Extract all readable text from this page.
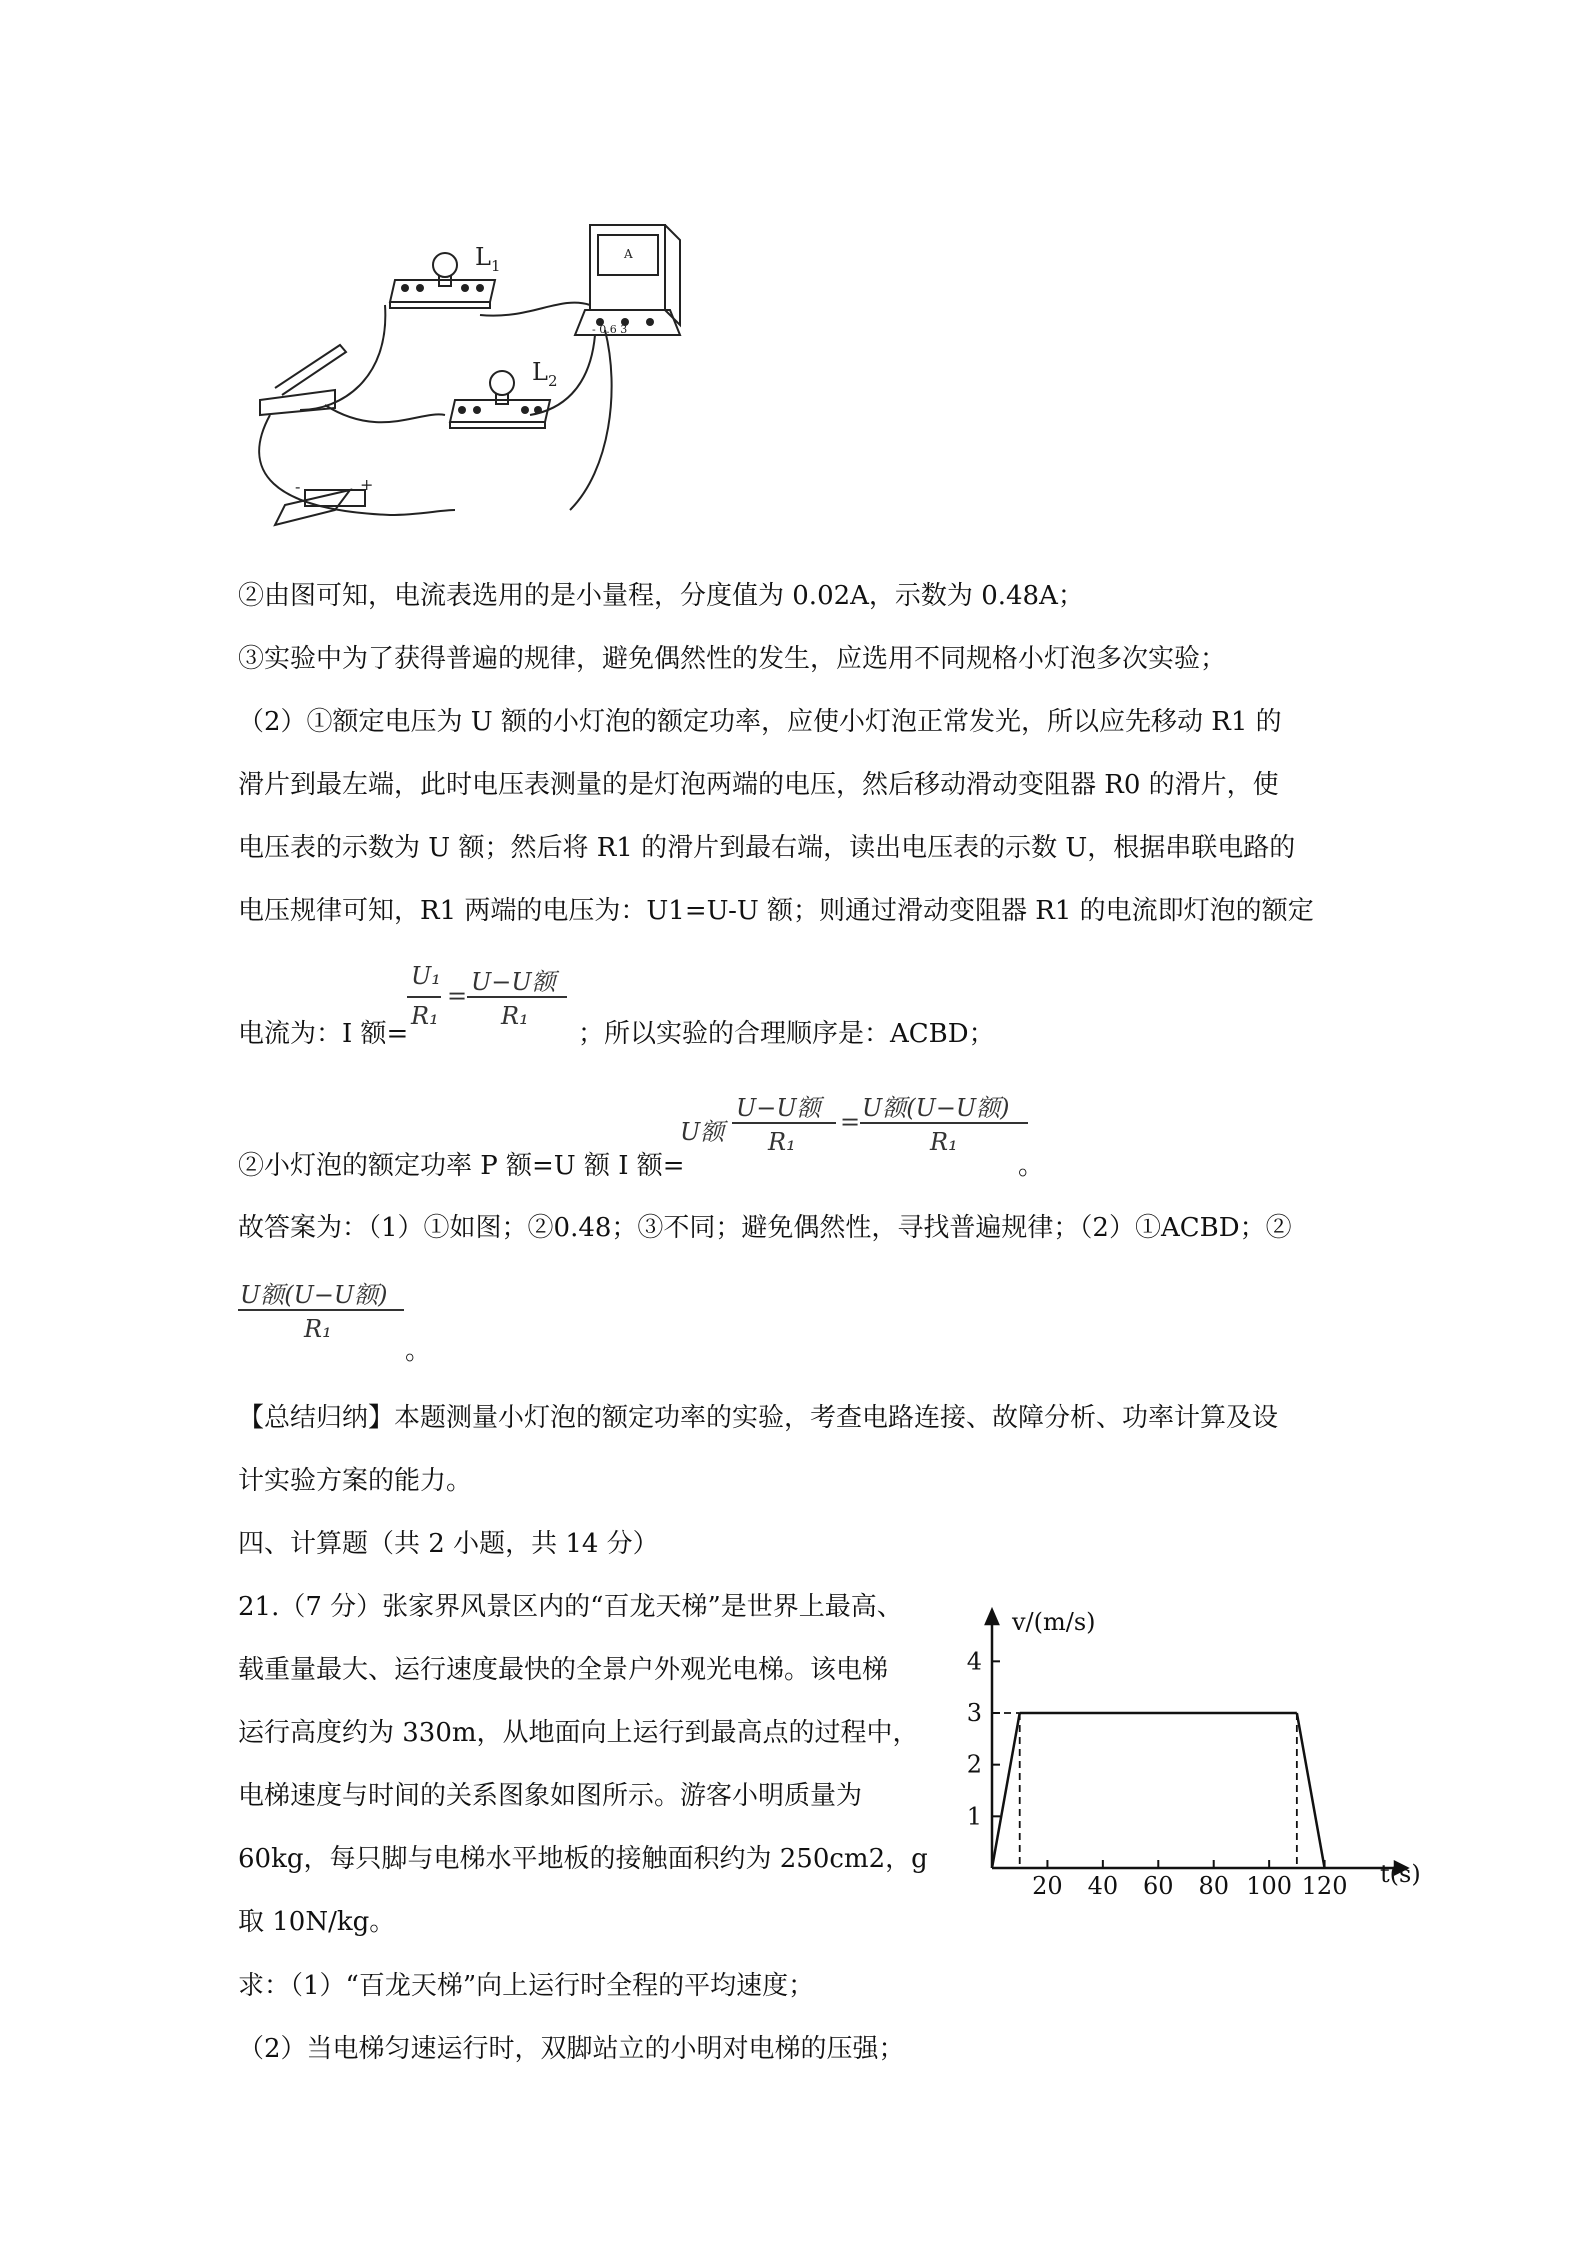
$L_1$
$L_2$
A
- 0.6 3
-	+
②由图可知，电流表选用的是小量程，分度值为 0.02A，示数为 0.48A；
③实验中为了获得普遍的规律，避免偶然性的发生，应选用不同规格小灯泡多次实验；
（2）①额定电压为 U 额的小灯泡的额定功率，应使小灯泡正常发光，所以应先移动 R1 的
滑片到最左端，此时电压表测量的是灯泡两端的电压，然后移动滑动变阻器 R0 的滑片，使
电压表的示数为 U 额；然后将 R1 的滑片到最右端，读出电压表的示数 U，根据串联电路的
电压规律可知，R1 两端的电压为：U1=U-U 额；则通过滑动变阻器 R1 的电流即灯泡的额定
电流为：I 额=
U₁
R₁
= U−U额
R₁
；所以实验的合理顺序是：ACBD；
②小灯泡的额定功率 P 额=U 额 I 额=
U额
U−U额
R₁
= U额(U−U额)
R₁
。
故答案为：（1）①如图；②0.48；③不同；避免偶然性，寻找普遍规律；（2）①ACBD；②
U额(U−U额)
R₁
。
【总结归纳】本题测量小灯泡的额定功率的实验，考查电路连接、故障分析、功率计算及设
计实验方案的能力。
四、计算题（共 2 小题，共 14 分）
21.（7 分）张家界风景区内的“百龙天梯”是世界上最高、
载重量最大、运行速度最快的全景户外观光电梯。该电梯
运行高度约为 330m，从地面向上运行到最高点的过程中，
电梯速度与时间的关系图象如图所示。游客小明质量为
60kg，每只脚与电梯水平地板的接触面积约为 250cm2，g
取 10N/kg。
求：（1）“百龙天梯”向上运行时全程的平均速度；
（2）当电梯匀速运行时，双脚站立的小明对电梯的压强；
20 40 60 80 100 120
1
2
3
4
v/(m/s)
t(s)
